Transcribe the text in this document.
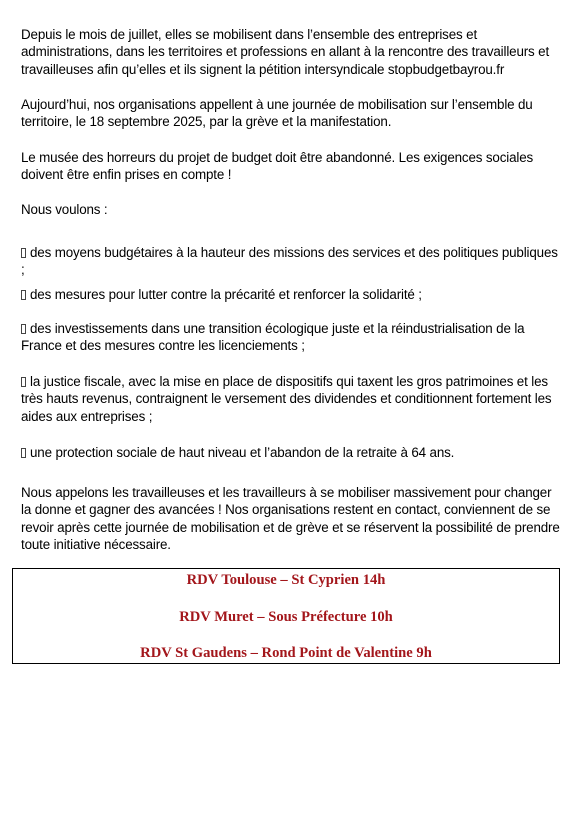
Depuis le mois de juillet, elles se mobilisent dans l’ensemble des entreprises et administrations, dans les territoires et professions en allant à la rencontre des travailleurs et travailleuses afin qu’elles et ils signent la pétition intersyndicale stopbudgetbayrou.fr

Aujourd’hui, nos organisations appellent à une journée de mobilisation sur l’ensemble du territoire, le 18 septembre 2025, par la grève et la manifestation.

Le musée des horreurs du projet de budget doit être abandonné. Les exigences sociales doivent être enfin prises en compte !

Nous voulons :

des moyens budgétaires à la hauteur des missions des services et des politiques publiques ;
des mesures pour lutter contre la précarité et renforcer la solidarité ;
des investissements dans une transition écologique juste et la réindustrialisation de la France et des mesures contre les licenciements ;
la justice fiscale, avec la mise en place de dispositifs qui taxent les gros patrimoines et les très hauts revenus, contraignent le versement des dividendes et conditionnent fortement les aides aux entreprises ;
une protection sociale de haut niveau et l’abandon de la retraite à 64 ans.

Nous appelons les travailleuses et les travailleurs à se mobiliser massivement pour changer la donne et gagner des avancées ! Nos organisations restent en contact, conviennent de se revoir après cette journée de mobilisation et de grève et se réservent la possibilité de prendre toute initiative nécessaire.

RDV Toulouse – St Cyprien 14h

RDV Muret – Sous Préfecture 10h

RDV St Gaudens – Rond Point de Valentine 9h
